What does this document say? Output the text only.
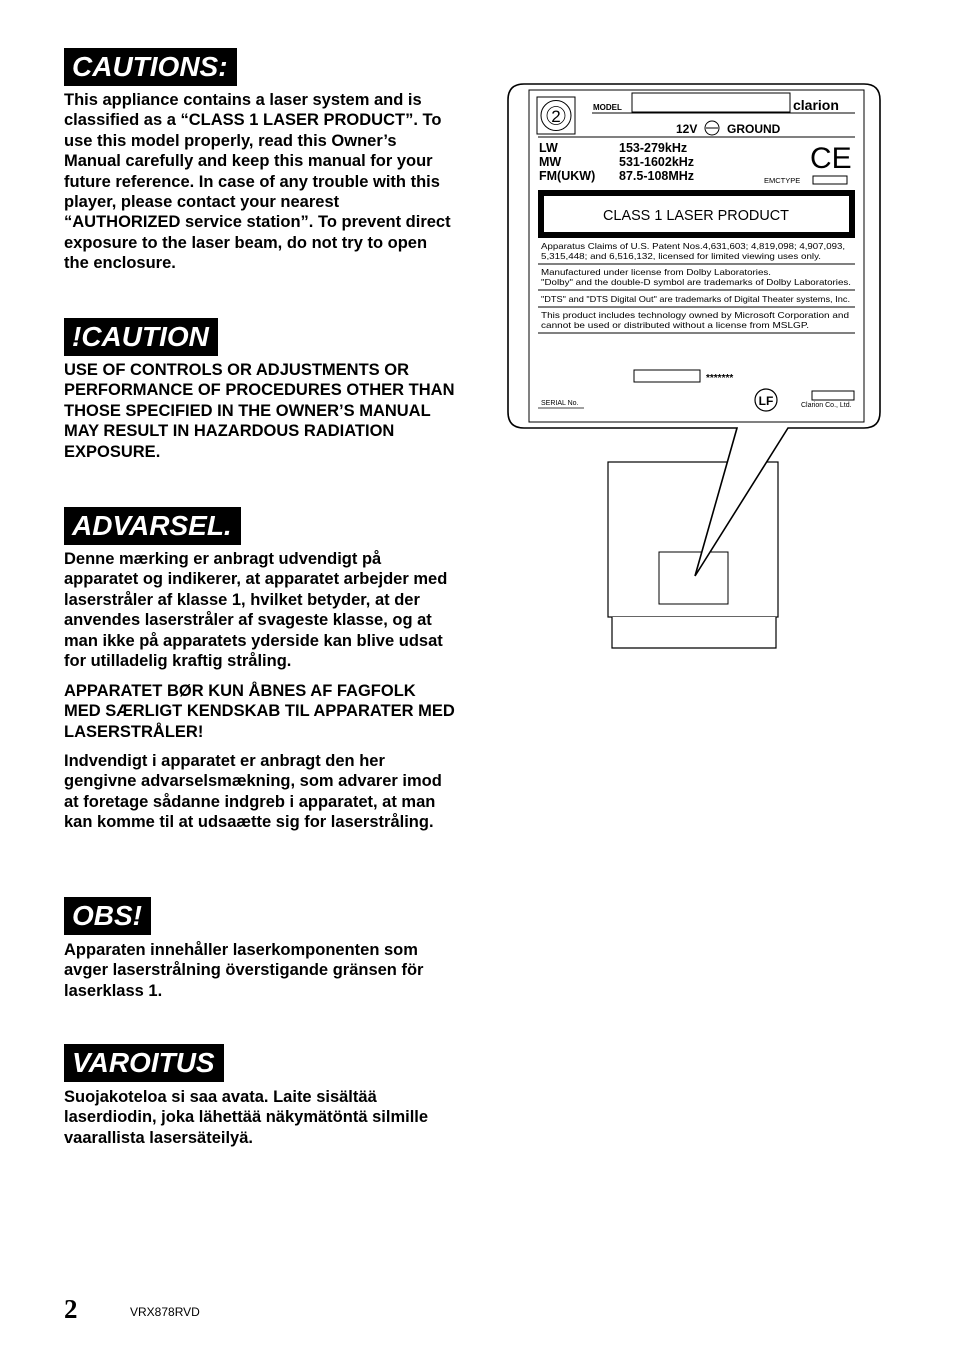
CAUTIONS:

This appliance contains a laser system and is classified as a “CLASS 1 LASER PRODUCT”. To use this model properly, read this Owner’s Manual carefully and keep this manual for your future reference. In case of any trouble with this player, please contact your nearest “AUTHORIZED service station”. To prevent direct exposure to the laser beam, do not try to open the enclosure.

!CAUTION

USE OF CONTROLS OR ADJUSTMENTS OR PERFORMANCE OF PROCEDURES OTHER THAN THOSE SPECIFIED IN THE OWNER’S MANUAL MAY RESULT IN HAZARDOUS RADIATION EXPOSURE.

ADVARSEL.

Denne mærking er anbragt udvendigt på apparatet og indikerer, at apparatet arbejder med laserstråler af klasse 1, hvilket betyder, at der anvendes laserstråler af svageste klasse, og at man ikke på apparatets yderside kan blive udsat for utilladelig kraftig stråling.

APPARATET BØR KUN ÅBNES AF FAGFOLK MED SÆRLIGT KENDSKAB TIL APPARATER MED LASERSTRÅLER!

Indvendigt i apparatet er anbragt den her gengivne advarselsmækning, som advarer imod at foretage sådanne indgreb i apparatet, at man kan komme til at udsaætte sig for laserstråling.

OBS!

Apparaten innehåller laserkomponenten som avger laserstrålning överstigande gränsen för laserklass 1.

VAROITUS

Suojakoteloa si saa avata. Laite sisältää laserdiodin, joka lähettää näkymätöntä silmille vaarallista lasersäteilyä.

2	MODEL	clarion
12V GROUND
LW	153-279kHz
MW	531-1602kHz
FM(UKW) 87.5-108MHz
CE
EMCTYPE
CLASS 1 LASER PRODUCT
Apparatus Claims of U.S. Patent Nos.4,631,603; 4,819,098; 4,907,093,
5,315,448; and 6,516,132, licensed for limited viewing uses only.
Manufactured under license from Dolby Laboratories.
"Dolby" and the double-D symbol are trademarks of Dolby Laboratories.
"DTS" and "DTS Digital Out" are trademarks of Digital Theater systems, Inc.
This product includes technology owned by Microsoft Corporation and
cannot be used or distributed without a license from MSLGP.
*******
SERIAL No.	LF	Clarion Co., Ltd.
2	VRX878RVD
